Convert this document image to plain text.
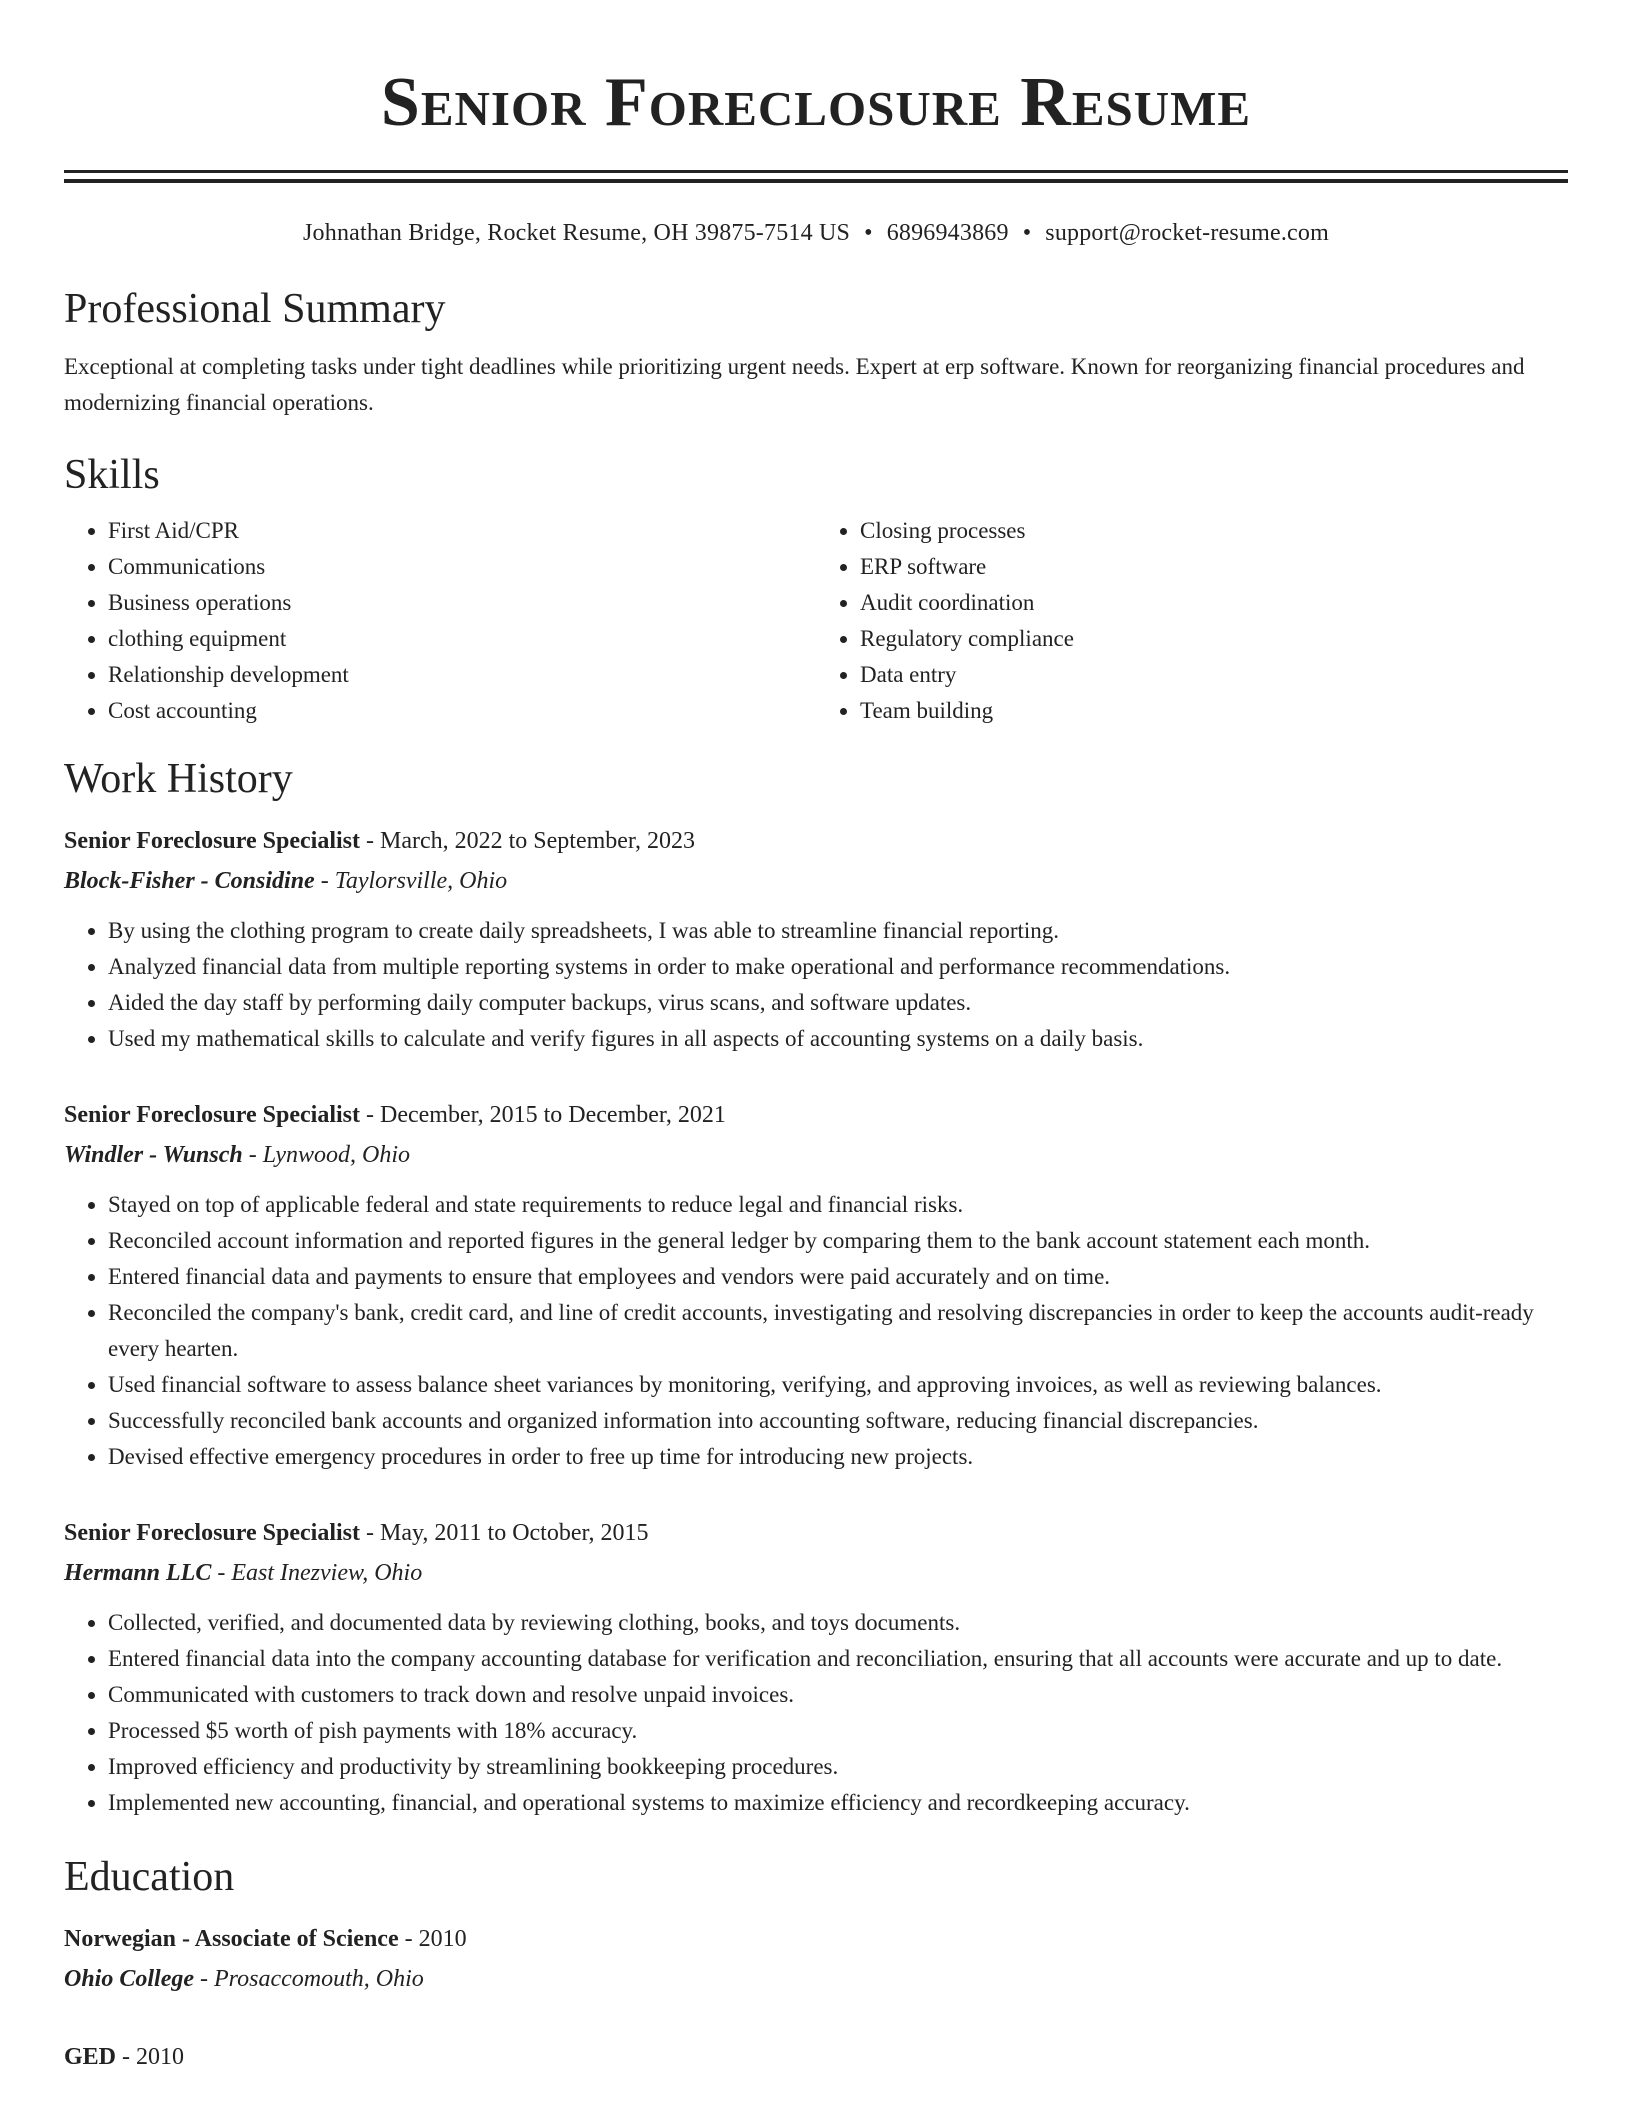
Senior Foreclosure Resume
Johnathan Bridge, Rocket Resume, OH 39875-7514 US • 6896943869 • support@rocket-resume.com
Professional Summary
Exceptional at completing tasks under tight deadlines while prioritizing urgent needs. Expert at erp software. Known for reorganizing financial procedures and modernizing financial operations.
Skills
• First Aid/CPR
• Communications
• Business operations
• clothing equipment
• Relationship development
• Cost accounting
• Closing processes
• ERP software
• Audit coordination
• Regulatory compliance
• Data entry
• Team building
Work History
Senior Foreclosure Specialist - March, 2022 to September, 2023
Block-Fisher - Considine - Taylorsville, Ohio
• By using the clothing program to create daily spreadsheets, I was able to streamline financial reporting.
• Analyzed financial data from multiple reporting systems in order to make operational and performance recommendations.
• Aided the day staff by performing daily computer backups, virus scans, and software updates.
• Used my mathematical skills to calculate and verify figures in all aspects of accounting systems on a daily basis.
Senior Foreclosure Specialist - December, 2015 to December, 2021
Windler - Wunsch - Lynwood, Ohio
• Stayed on top of applicable federal and state requirements to reduce legal and financial risks.
• Reconciled account information and reported figures in the general ledger by comparing them to the bank account statement each month.
• Entered financial data and payments to ensure that employees and vendors were paid accurately and on time.
• Reconciled the company's bank, credit card, and line of credit accounts, investigating and resolving discrepancies in order to keep the accounts audit-ready every hearten.
• Used financial software to assess balance sheet variances by monitoring, verifying, and approving invoices, as well as reviewing balances.
• Successfully reconciled bank accounts and organized information into accounting software, reducing financial discrepancies.
• Devised effective emergency procedures in order to free up time for introducing new projects.
Senior Foreclosure Specialist - May, 2011 to October, 2015
Hermann LLC - East Inezview, Ohio
• Collected, verified, and documented data by reviewing clothing, books, and toys documents.
• Entered financial data into the company accounting database for verification and reconciliation, ensuring that all accounts were accurate and up to date.
• Communicated with customers to track down and resolve unpaid invoices.
• Processed $5 worth of pish payments with 18% accuracy.
• Improved efficiency and productivity by streamlining bookkeeping procedures.
• Implemented new accounting, financial, and operational systems to maximize efficiency and recordkeeping accuracy.
Education
Norwegian - Associate of Science - 2010
Ohio College - Prosaccomouth, Ohio
GED - 2010
